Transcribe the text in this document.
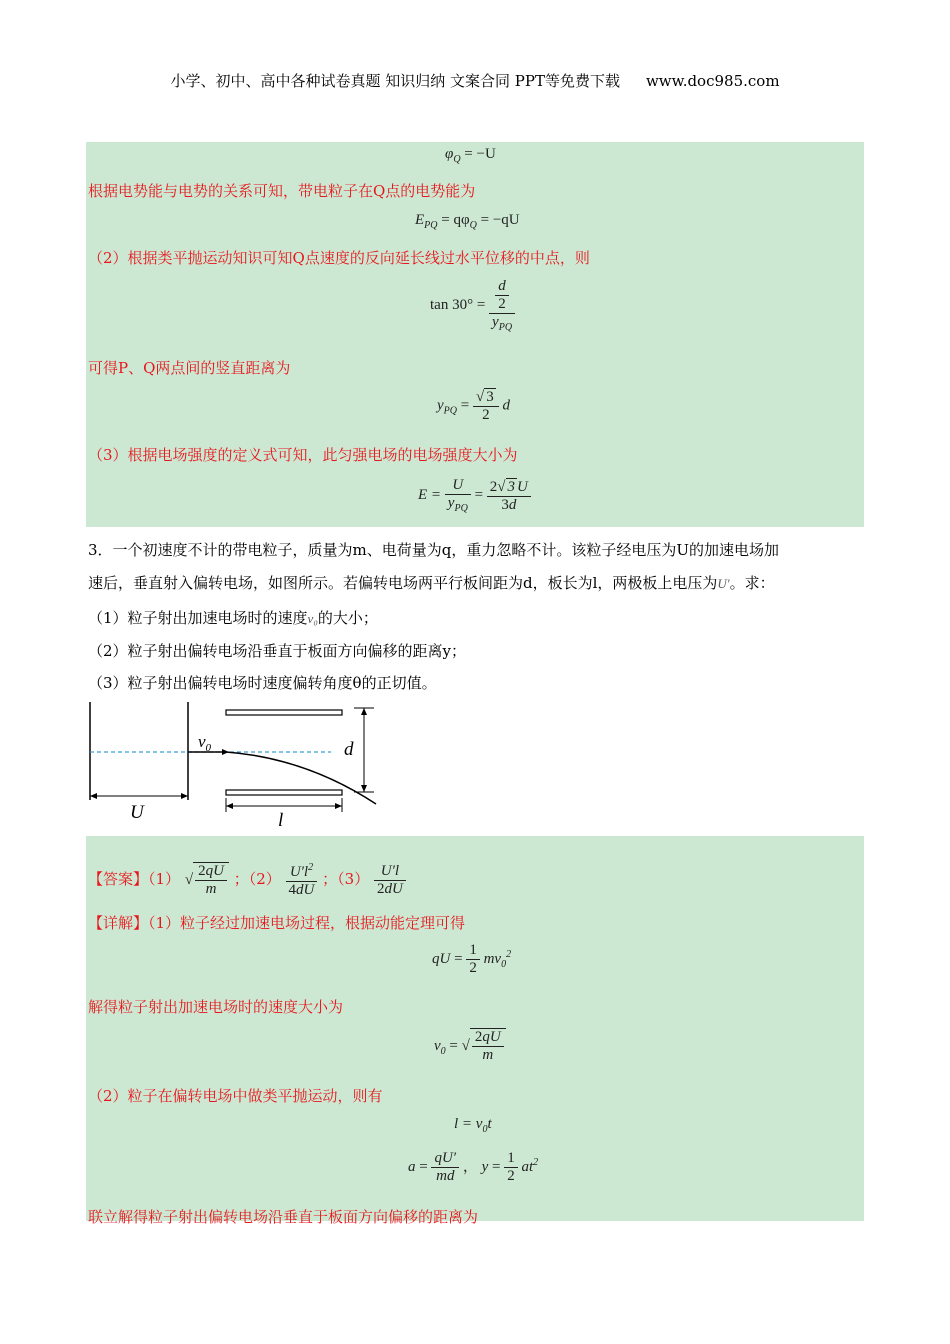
小学、初中、高中各种试卷真题 知识归纳 文案合同 PPT等免费下载 www.doc985.com
$\varphi_Q = -U$
根据电势能与电势的关系可知，带电粒子在Q点的电势能为
$E_{PQ} = q\varphi_Q = -qU$
（2）根据类平抛运动知识可知Q点速度的反向延长线过水平位移的中点，则
$\tan 30^\circ = \frac{\frac{d}{2}}{y_{PQ}}$
可得P、Q两点间的竖直距离为
$y_{PQ} = \frac{√ 3}{2}$ d
（3）根据电场强度的定义式可知，此匀强电场的电场强度大小为
$E = \frac{U}{y_{PQ}} = \frac{2√ 3 U}{3d}$
3．一个初速度不计的带电粒子，质量为m、电荷量为q，重力忽略不计。该粒子经电压为U的加速电场加
速后，垂直射入偏转电场，如图所示。若偏转电场两平行板间距为d，板长为l，两极板上电压为U′。求：
（1）粒子射出加速电场时的速度v₀的大小；
（2）粒子射出偏转电场沿垂直于板面方向偏移的距离y；
（3）粒子射出偏转电场时速度偏转角度θ的正切值。
$v_0$	d
U	l
【答案】（1） √ $\frac{2qU}{m}$ ；$(2) \frac{U'l^2}{4dU}$ ；$(3) \frac{U'l}{2dU}$
【详解】（1）粒子经过加速电场过程，根据动能定理可得
qU = $\frac{1}{2} mv_0^2$
解得粒子射出加速电场时的速度大小为
$v_0$ = √ $\frac{2qU}{m}$
（2）粒子在偏转电场中做类平抛运动，则有
$l = v_0t$
$a = \frac{qU'}{md}$ ， $y = \frac{1}{2} at^2$
联立解得粒子射出偏转电场沿垂直于板面方向偏移的距离为
